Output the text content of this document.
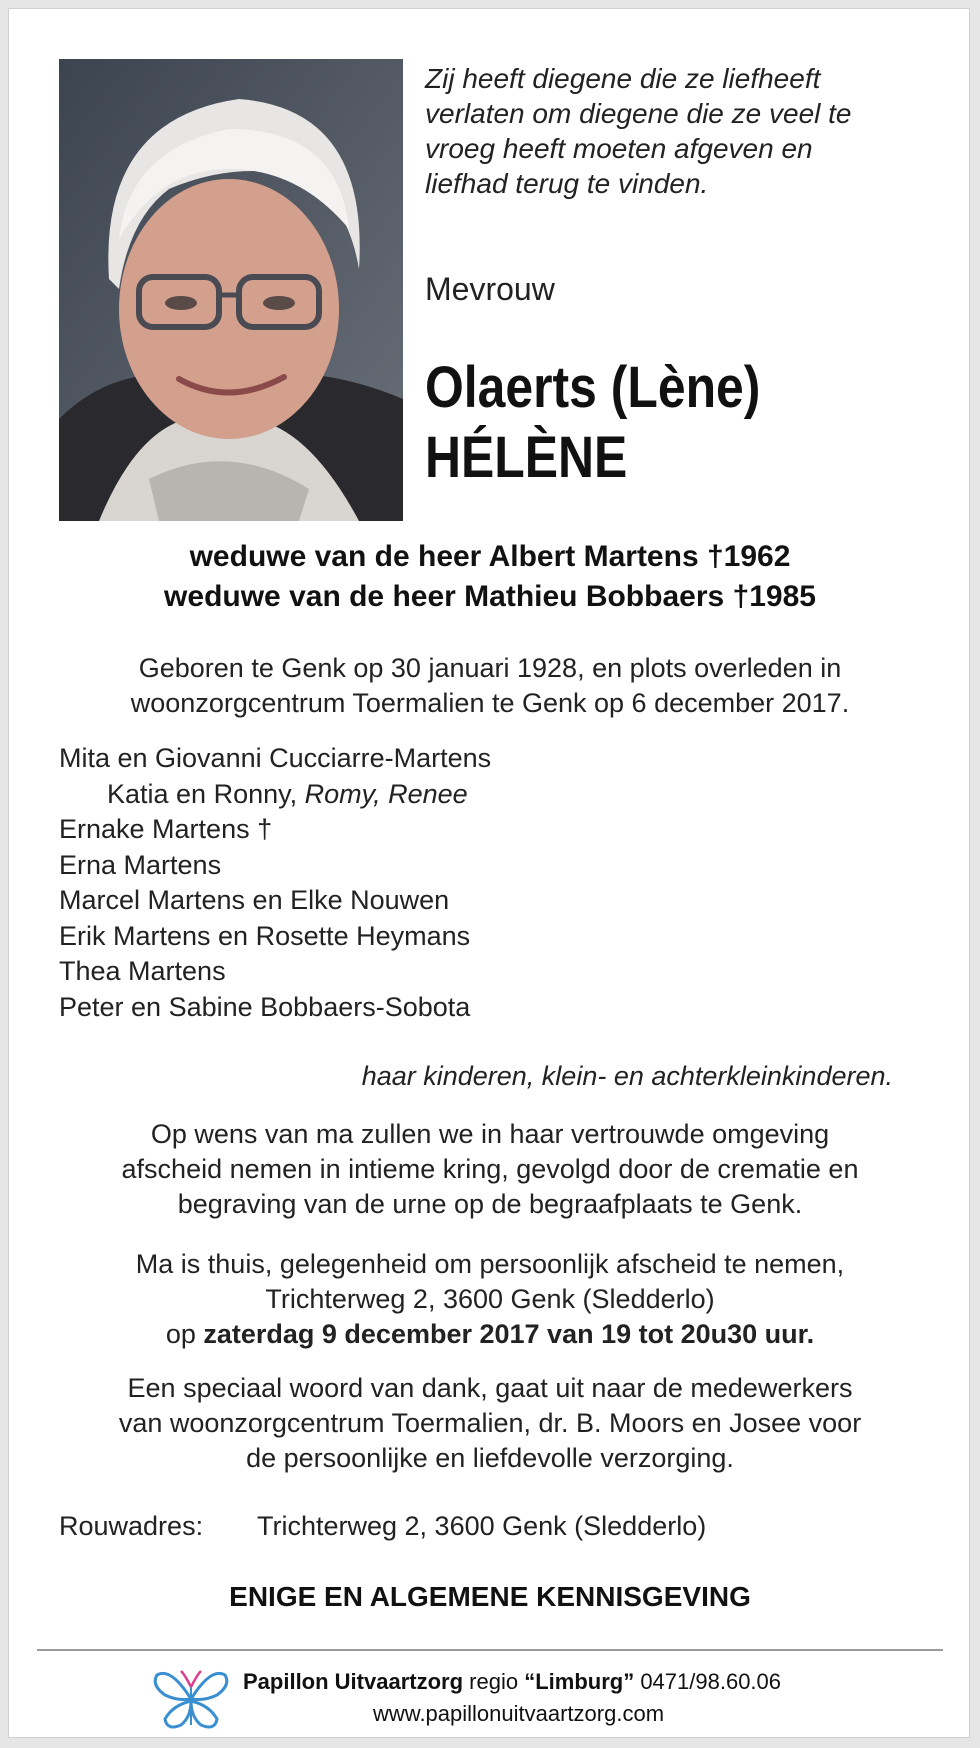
Zij heeft diegene die ze liefheeft
verlaten om diegene die ze veel te
vroeg heeft moeten afgeven en
liefhad terug te vinden.
Mevrouw
Olaerts (Lène)
HÉLÈNE
weduwe van de heer Albert Martens †1962
weduwe van de heer Mathieu Bobbaers †1985
Geboren te Genk op 30 januari 1928, en plots overleden in
woonzorgcentrum Toermalien te Genk op 6 december 2017.
Mita en Giovanni Cucciarre-Martens
Katia en Ronny, Romy, Renee
Ernake Martens †
Erna Martens
Marcel Martens en Elke Nouwen
Erik Martens en Rosette Heymans
Thea Martens
Peter en Sabine Bobbaers-Sobota
haar kinderen, klein- en achterkleinkinderen.
Op wens van ma zullen we in haar vertrouwde omgeving
afscheid nemen in intieme kring, gevolgd door de crematie en
begraving van de urne op de begraafplaats te Genk.
Ma is thuis, gelegenheid om persoonlijk afscheid te nemen,
Trichterweg 2, 3600 Genk (Sledderlo)
op zaterdag 9 december 2017 van 19 tot 20u30 uur.
Een speciaal woord van dank, gaat uit naar de medewerkers
van woonzorgcentrum Toermalien, dr. B. Moors en Josee voor
de persoonlijke en liefdevolle verzorging.
Rouwadres: Trichterweg 2, 3600 Genk (Sledderlo)
ENIGE EN ALGEMENE KENNISGEVING
Papillon Uitvaartzorg regio “Limburg” 0471/98.60.06
www.papillonuitvaartzorg.com
